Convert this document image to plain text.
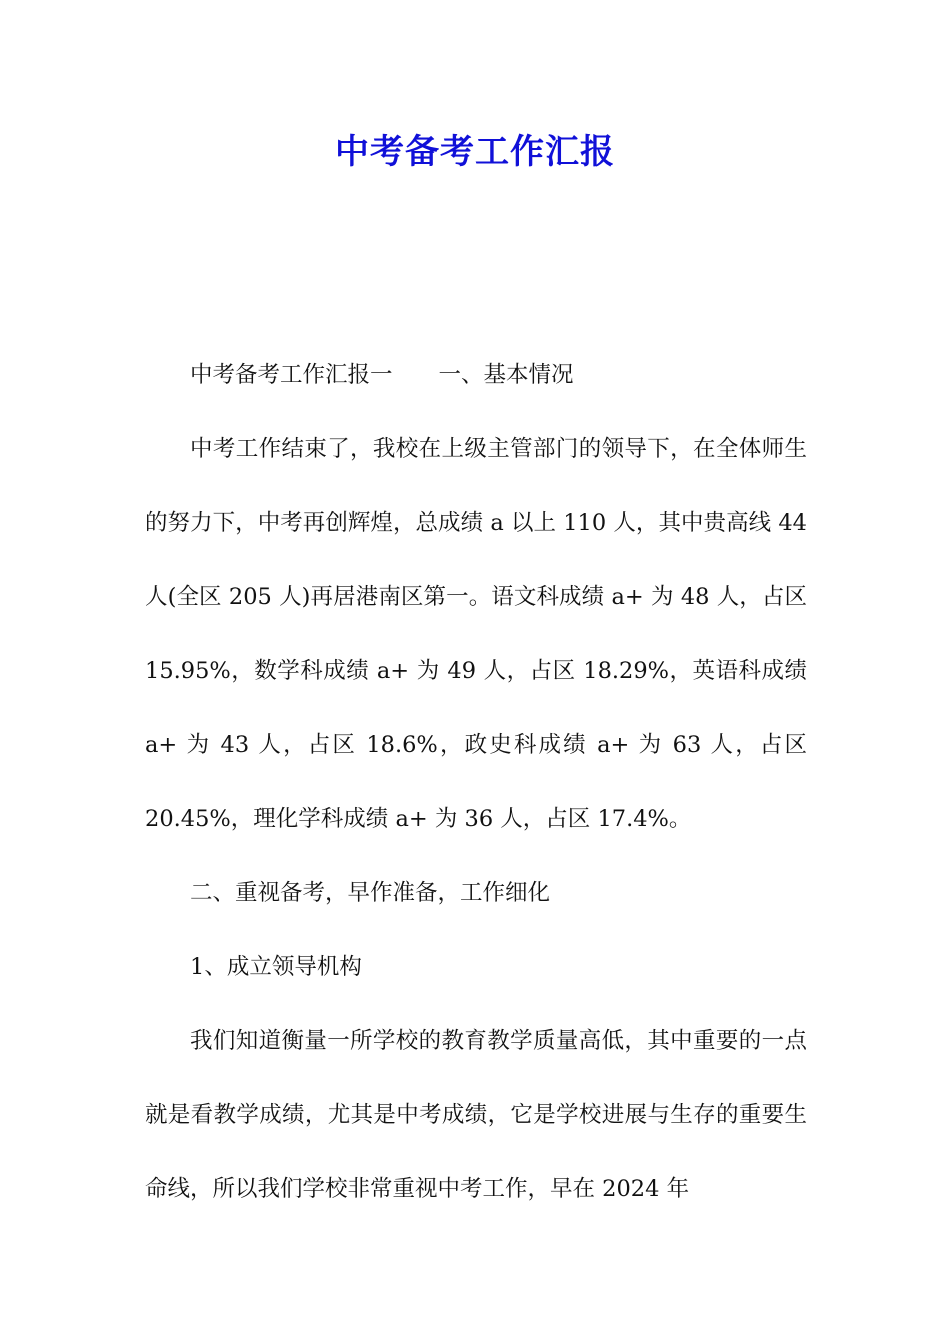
中考备考工作汇报

中考备考工作汇报一 一、基本情况

中考工作结束了，我校在上级主管部门的领导下，在全体师生的努力下，中考再创辉煌，总成绩 a 以上 110 人，其中贵高线 44 人(全区 205 人)再居港南区第一。语文科成绩 a+ 为 48 人，占区 15.95%，数学科成绩 a+ 为 49 人，占区 18.29%，英语科成绩 a+ 为 43 人，占区 18.6%，政史科成绩 a+ 为 63 人，占区 20.45%，理化学科成绩 a+ 为 36 人，占区 17.4%。

二、重视备考，早作准备，工作细化

1、成立领导机构

我们知道衡量一所学校的教育教学质量高低，其中重要的一点就是看教学成绩，尤其是中考成绩，它是学校进展与生存的重要生命线，所以我们学校非常重视中考工作，早在 2024 年
